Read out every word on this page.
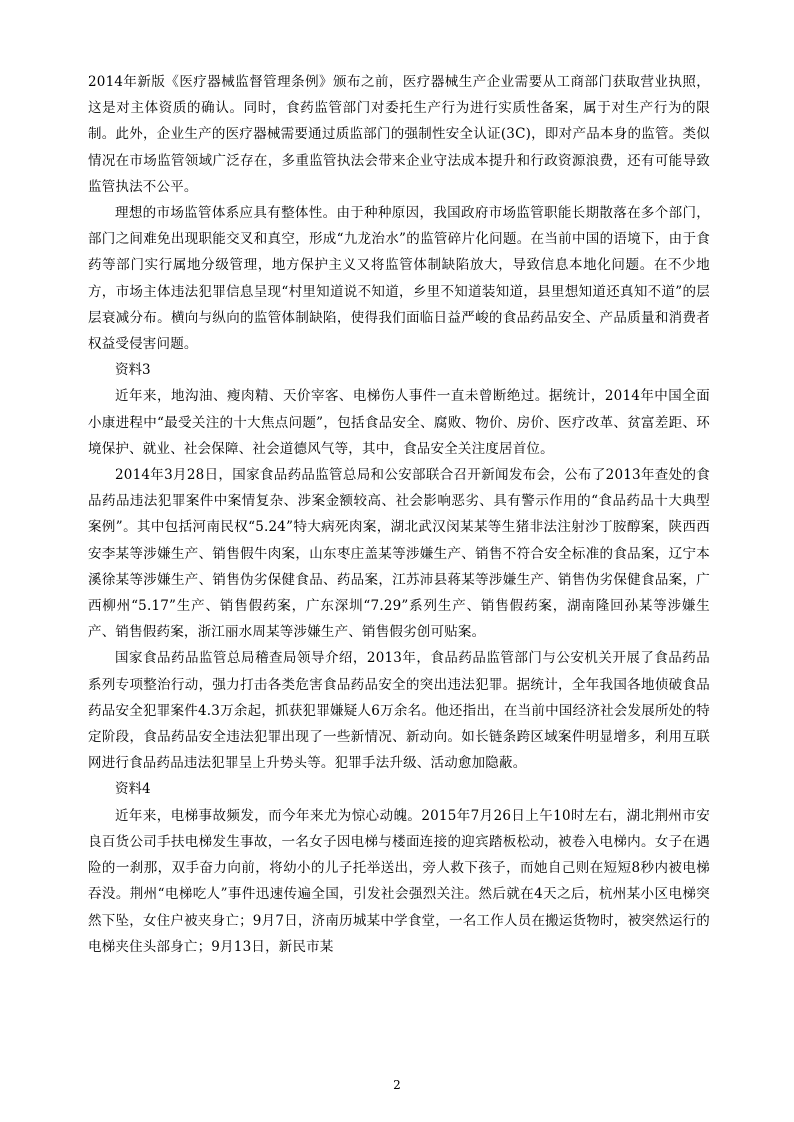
2014年新版《医疗器械监督管理条例》颁布之前，医疗器械生产企业需要从工商部门获取营业执照，这是对主体资质的确认。同时，食药监管部门对委托生产行为进行实质性备案，属于对生产行为的限制。此外，企业生产的医疗器械需要通过质监部门的强制性安全认证(3C)，即对产品本身的监管。类似情况在市场监管领域广泛存在，多重监管执法会带来企业守法成本提升和行政资源浪费，还有可能导致监管执法不公平。

理想的市场监管体系应具有整体性。由于种种原因，我国政府市场监管职能长期散落在多个部门，部门之间难免出现职能交叉和真空，形成“九龙治水”的监管碎片化问题。在当前中国的语境下，由于食药等部门实行属地分级管理，地方保护主义又将监管体制缺陷放大，导致信息本地化问题。在不少地方，市场主体违法犯罪信息呈现“村里知道说不知道，乡里不知道装知道，县里想知道还真知不道”的层层衰减分布。横向与纵向的监管体制缺陷，使得我们面临日益严峻的食品药品安全、产品质量和消费者权益受侵害问题。

资料3

近年来，地沟油、瘦肉精、天价宰客、电梯伤人事件一直未曾断绝过。据统计，2014年中国全面小康进程中“最受关注的十大焦点问题”，包括食品安全、腐败、物价、房价、医疗改革、贫富差距、环境保护、就业、社会保障、社会道德风气等，其中，食品安全关注度居首位。

2014年3月28日，国家食品药品监管总局和公安部联合召开新闻发布会，公布了2013年查处的食品药品违法犯罪案件中案情复杂、涉案金额较高、社会影响恶劣、具有警示作用的“食品药品十大典型案例”。其中包括河南民权“5.24”特大病死肉案，湖北武汉闵某某等生猪非法注射沙丁胺醇案，陕西西安李某等涉嫌生产、销售假牛肉案，山东枣庄盖某等涉嫌生产、销售不符合安全标准的食品案，辽宁本溪徐某等涉嫌生产、销售伪劣保健食品、药品案，江苏沛县蒋某等涉嫌生产、销售伪劣保健食品案，广西柳州“5.17”生产、销售假药案，广东深圳“7.29”系列生产、销售假药案，湖南隆回孙某等涉嫌生产、销售假药案，浙江丽水周某等涉嫌生产、销售假劣创可贴案。

国家食品药品监管总局稽查局领导介绍，2013年，食品药品监管部门与公安机关开展了食品药品系列专项整治行动，强力打击各类危害食品药品安全的突出违法犯罪。据统计，全年我国各地侦破食品药品安全犯罪案件4.3万余起，抓获犯罪嫌疑人6万余名。他还指出，在当前中国经济社会发展所处的特定阶段，食品药品安全违法犯罪出现了一些新情况、新动向。如长链条跨区域案件明显增多，利用互联网进行食品药品违法犯罪呈上升势头等。犯罪手法升级、活动愈加隐蔽。

资料4

近年来，电梯事故频发，而今年来尤为惊心动魄。2015年7月26日上午10时左右，湖北荆州市安良百货公司手扶电梯发生事故，一名女子因电梯与楼面连接的迎宾踏板松动，被卷入电梯内。女子在遇险的一刹那，双手奋力向前，将幼小的儿子托举送出，旁人救下孩子，而她自己则在短短8秒内被电梯吞没。荆州“电梯吃人”事件迅速传遍全国，引发社会强烈关注。然后就在4天之后，杭州某小区电梯突然下坠，女住户被夹身亡；9月7日，济南历城某中学食堂，一名工作人员在搬运货物时，被突然运行的电梯夹住头部身亡；9月13日，新民市某

2
